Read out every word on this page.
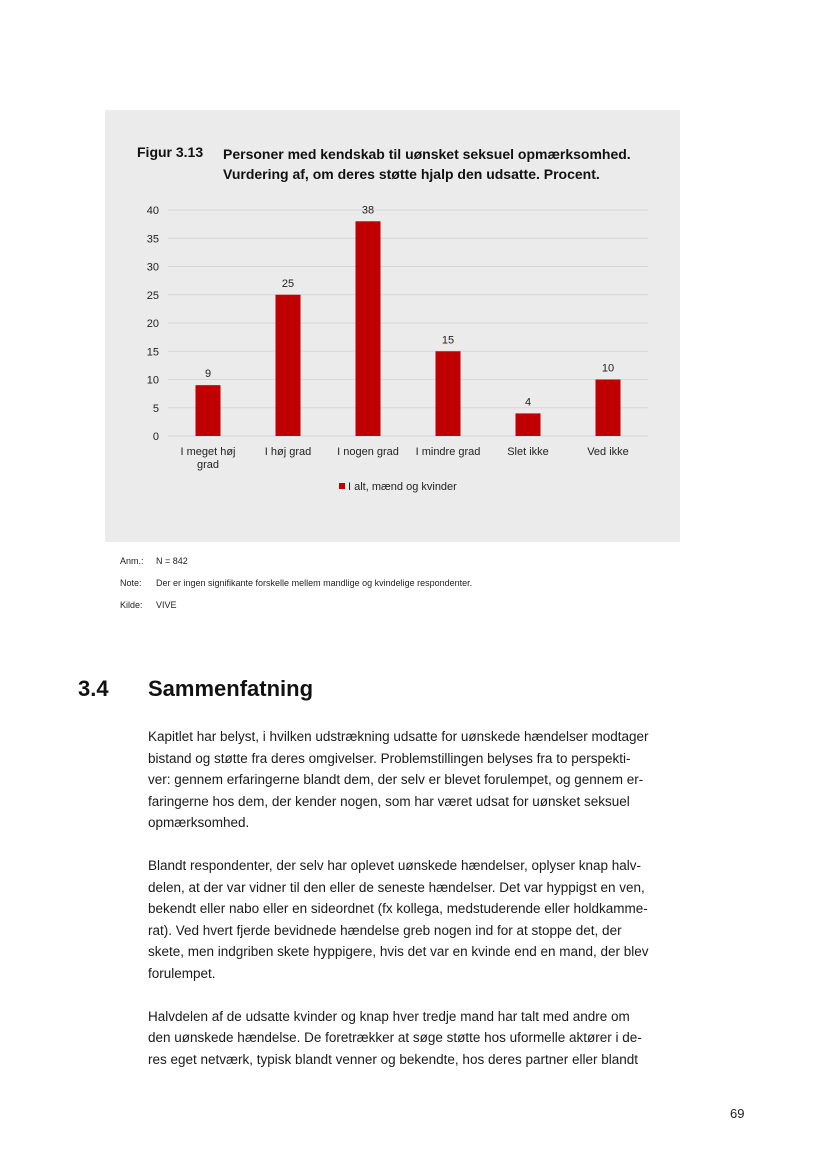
Figur 3.13 Personer med kendskab til uønsket seksuel opmærksomhed.
Vurdering af, om deres støtte hjalp den udsatte. Procent.
0
5
10
15
20
25
30
35
40
9
I meget høj
grad
25
I høj grad
38
I nogen grad
15
I mindre grad
4
Slet ikke
10
Ved ikke
I alt, mænd og kvinder
Anm.:	N = 842
Note:	Der er ingen signifikante forskelle mellem mandlige og kvindelige respondenter.
Kilde:	VIVE
3.4 Sammenfatning
Kapitlet har belyst, i hvilken udstrækning udsatte for uønskede hændelser modtager
bistand og støtte fra deres omgivelser. Problemstillingen belyses fra to perspekti-
ver: gennem erfaringerne blandt dem, der selv er blevet forulempet, og gennem er-
faringerne hos dem, der kender nogen, som har været udsat for uønsket seksuel
opmærksomhed.
Blandt respondenter, der selv har oplevet uønskede hændelser, oplyser knap halv-
delen, at der var vidner til den eller de seneste hændelser. Det var hyppigst en ven,
bekendt eller nabo eller en sideordnet (fx kollega, medstuderende eller holdkamme-
rat). Ved hvert fjerde bevidnede hændelse greb nogen ind for at stoppe det, der
skete, men indgriben skete hyppigere, hvis det var en kvinde end en mand, der blev
forulempet.
Halvdelen af de udsatte kvinder og knap hver tredje mand har talt med andre om
den uønskede hændelse. De foretrækker at søge støtte hos uformelle aktører i de-
res eget netværk, typisk blandt venner og bekendte, hos deres partner eller blandt
69
